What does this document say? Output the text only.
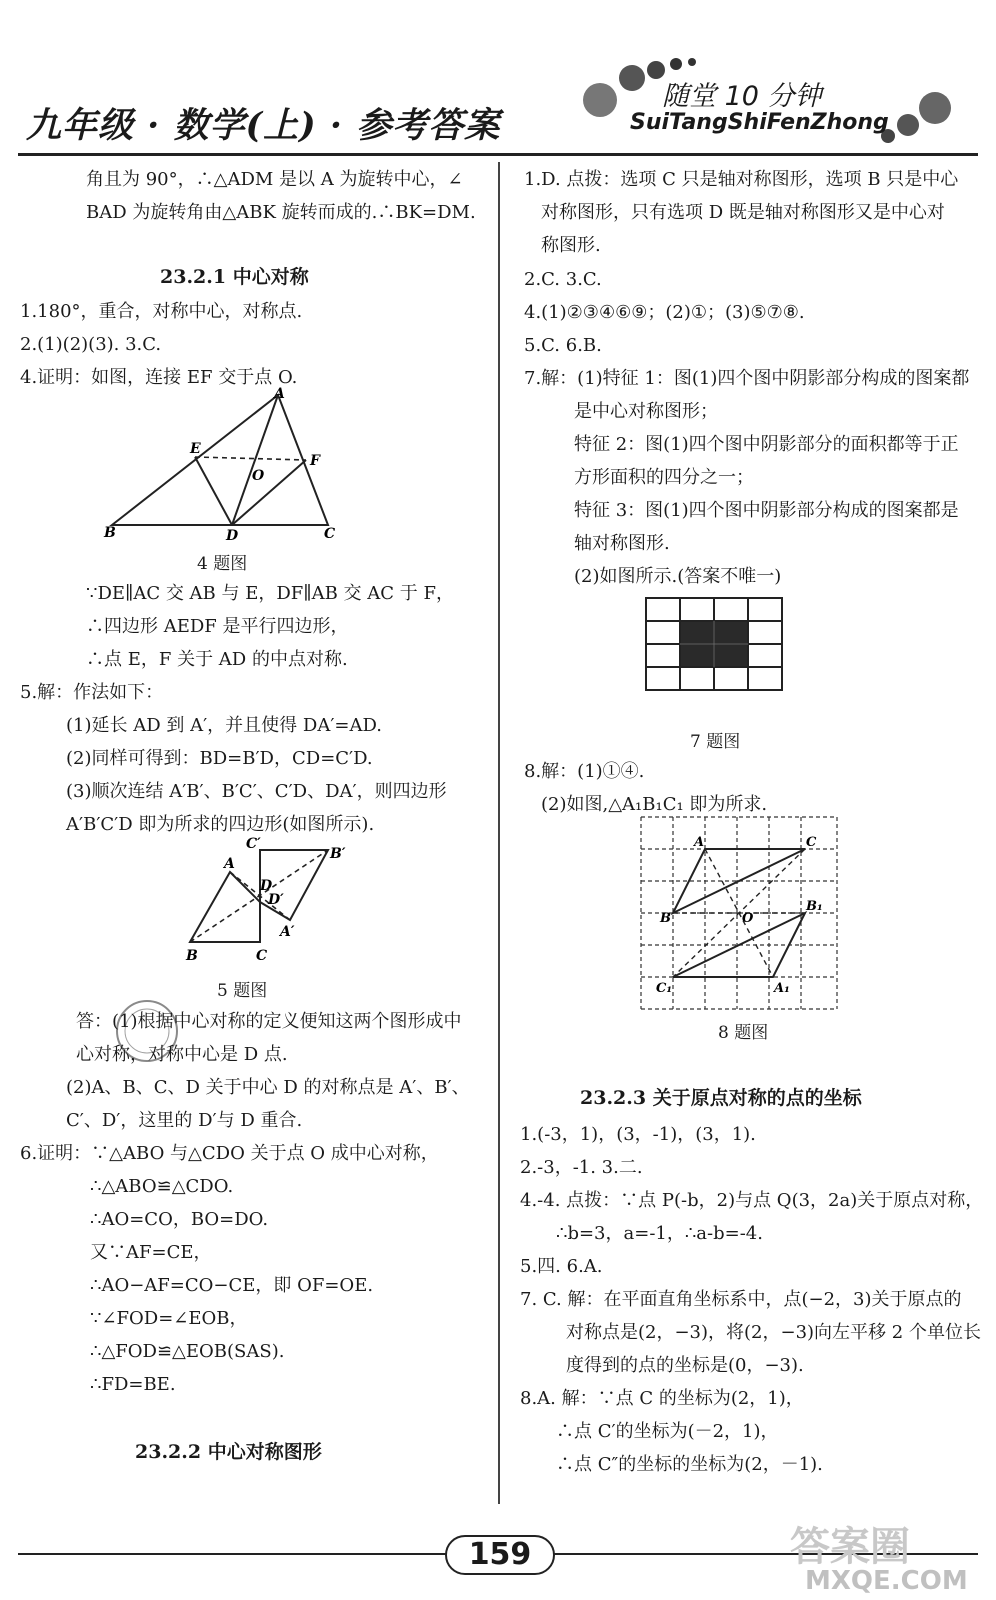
九年级 · 数学(上) · 参考答案
随堂 10 分钟
SuiTangShiFenZhong
角且为 90°，∴△ADM 是以 A 为旋转中心，∠
BAD 为旋转角由△ABK 旋转而成的.∴BK=DM.
23.2.1 中心对称
1.180°，重合，对称中心，对称点.
2.(1)(2)(3). 3.C.
4.证明：如图，连接 EF 交于点 O.
A
E
F
O
B	D	C
4 题图
∵DE∥AC 交 AB 与 E，DF∥AB 交 AC 于 F，
∴四边形 AEDF 是平行四边形，
∴点 E，F 关于 AD 的中点对称.
5.解：作法如下：
(1)延长 AD 到 A′，并且使得 DA′=AD.
(2)同样可得到：BD=B′D，CD=C′D.
(3)顺次连结 A′B′、B′C′、C′D、DA′，则四边形
A′B′C′D 即为所求的四边形(如图所示).
C′
B′
A
D
D′
A′
B	C
5 题图
答：(1)根据中心对称的定义便知这两个图形成中
心对称，对称中心是 D 点.
(2)A、B、C、D 关于中心 D 的对称点是 A′、B′、
C′、D′，这里的 D′与 D 重合.
6.证明：∵△ABO 与△CDO 关于点 O 成中心对称，
∴△ABO≌△CDO.
∴AO=CO，BO=DO.
又∵AF=CE，
∴AO−AF=CO−CE，即 OF=OE.
∵∠FOD=∠EOB，
∴△FOD≌△EOB(SAS).
∴FD=BE.
23.2.2 中心对称图形
1.D. 点拨：选项 C 只是轴对称图形，选项 B 只是中心
对称图形，只有选项 D 既是轴对称图形又是中心对
称图形.
2.C. 3.C.
4.(1)②③④⑥⑨；(2)①；(3)⑤⑦⑧.
5.C. 6.B.
7.解：(1)特征 1：图(1)四个图中阴影部分构成的图案都
是中心对称图形；
特征 2：图(1)四个图中阴影部分的面积都等于正
方形面积的四分之一；
特征 3：图(1)四个图中阴影部分构成的图案都是
轴对称图形.
(2)如图所示.(答案不唯一)
7 题图
8.解：(1)①④.
(2)如图,△A₁B₁C₁ 即为所求.
A	C
B	O
B₁
C₁	A₁
8 题图
23.2.3 关于原点对称的点的坐标
1.(-3，1)，(3，-1)，(3，1).
2.-3，-1. 3.二.
4.-4. 点拨：∵点 P(-b，2)与点 Q(3，2a)关于原点对称，
∴b=3，a=-1，∴a-b=-4.
5.四. 6.A.
7. C. 解：在平面直角坐标系中，点(−2，3)关于原点的
对称点是(2，−3)，将(2，−3)向左平移 2 个单位长
度得到的点的坐标是(0，−3).
8.A. 解：∵点 C 的坐标为(2，1)，
∴点 C′的坐标为(－2，1)，
∴点 C″的坐标的坐标为(2，－1).
159	答案圈
MXQE.COM
